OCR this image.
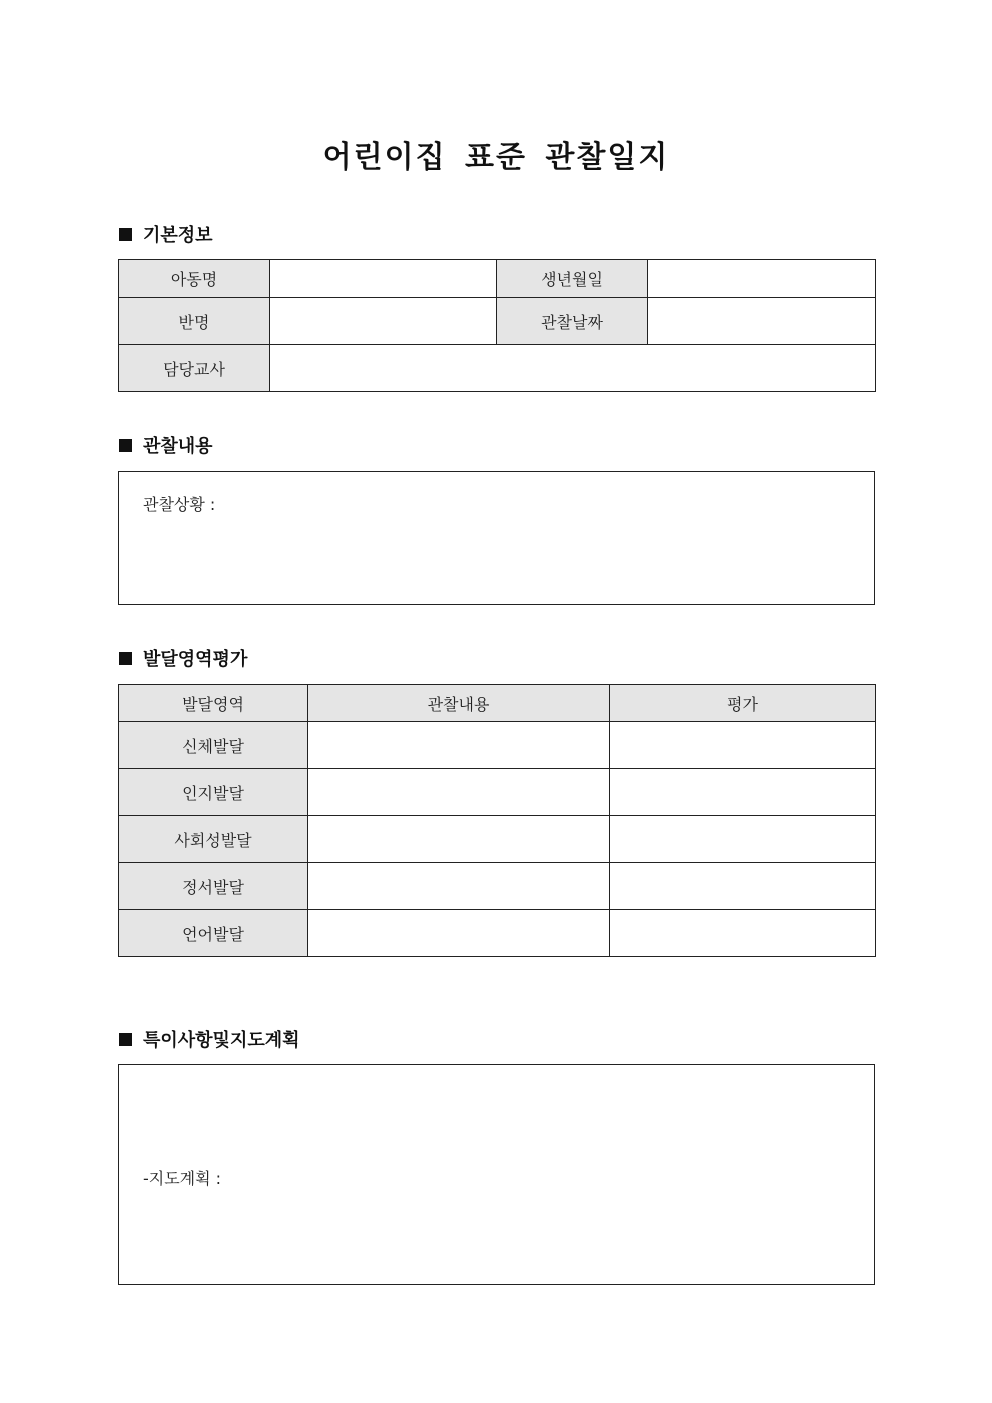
어린이집 표준 관찰일지
기본정보
아동명		생년월일	
반명		관찰날짜	
담당교사			
관찰내용
관찰상황 :
발달영역평가
발달영역	관찰내용	평가
신체발달		
인지발달		
사회성발달		
정서발달		
언어발달		
특이사항및지도계획
-지도계획 :
